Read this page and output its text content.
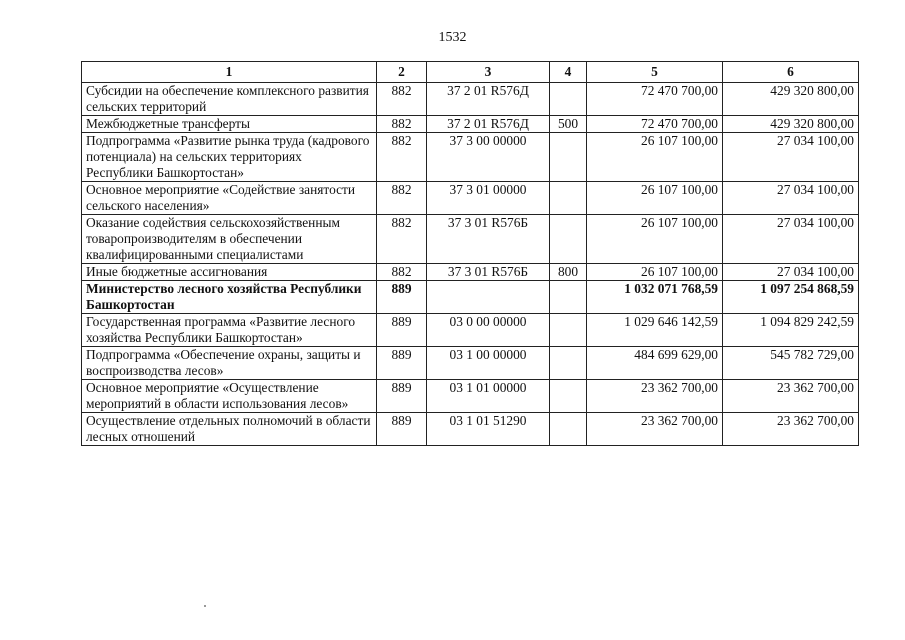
1532
1	2	3	4	5	6
Субсидии на обеспечение комплексного развития сельских территорий	882	37 2 01 R576Д		72 470 700,00	429 320 800,00
Межбюджетные трансферты	882	37 2 01 R576Д	500	72 470 700,00	429 320 800,00
Подпрограмма «Развитие рынка труда (кадрового потенциала) на сельских территориях Республики Башкортостан»	882	37 3 00 00000		26 107 100,00	27 034 100,00
Основное мероприятие «Содействие занятости сельского населения»	882	37 3 01 00000		26 107 100,00	27 034 100,00
Оказание содействия сельскохозяйственным товаропроизводителям в обеспечении квалифицированными специалистами	882	37 3 01 R576Б		26 107 100,00	27 034 100,00
Иные бюджетные ассигнования	882	37 3 01 R576Б	800	26 107 100,00	27 034 100,00
Министерство лесного хозяйства Республики Башкортостан	889			1 032 071 768,59	1 097 254 868,59
Государственная программа «Развитие лесного хозяйства Республики Башкортостан»	889	03 0 00 00000		1 029 646 142,59	1 094 829 242,59
Подпрограмма «Обеспечение охраны, защиты и воспроизводства лесов»	889	03 1 00 00000		484 699 629,00	545 782 729,00
Основное мероприятие «Осуществление мероприятий в области использования лесов»	889	03 1 01 00000		23 362 700,00	23 362 700,00
Осуществление отдельных полномочий в области лесных отношений	889	03 1 01 51290		23 362 700,00	23 362 700,00
